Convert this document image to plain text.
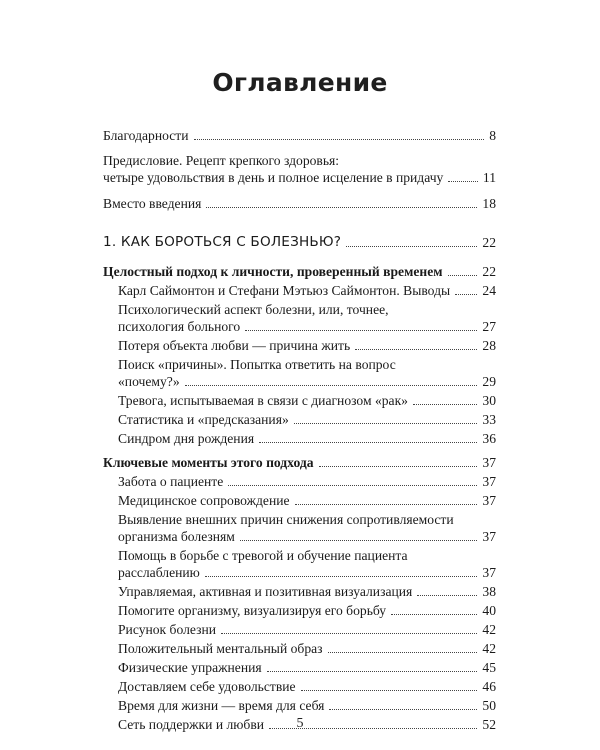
Оглавление
Благодарности	8
Предисловие. Рецепт крепкого здоровья:
четыре удовольствия в день и полное исцеление в придачу	11
Вместо введения	18
1. КАК БОРОТЬСЯ С БОЛЕЗНЬЮ?	22
Целостный подход к личности, проверенный временем	22
Карл Саймонтон и Стефани Мэтьюз Саймонтон. Выводы 24
Психологический аспект болезни, или, точнее,
психология больного	27
Потеря объекта любви — причина жить	28
Поиск «причины». Попытка ответить на вопрос
«почему?»	29
Тревога, испытываемая в связи с диагнозом «рак»	30
Статистика и «предсказания»	33
Синдром дня рождения	36
Ключевые моменты этого подхода	37
Забота о пациенте	37
Медицинское сопровождение	37
Выявление внешних причин снижения сопротивляемости
организма болезням	37
Помощь в борьбе с тревогой и обучение пациента
расслаблению	37
Управляемая, активная и позитивная визуализация	38
Помогите организму, визуализируя его борьбу	40
Рисунок болезни	42
Положительный ментальный образ	42
Физические упражнения	45
Доставляем себе удовольствие	46
Время для жизни — время для себя	50
Сеть поддержки и любви	52
5
